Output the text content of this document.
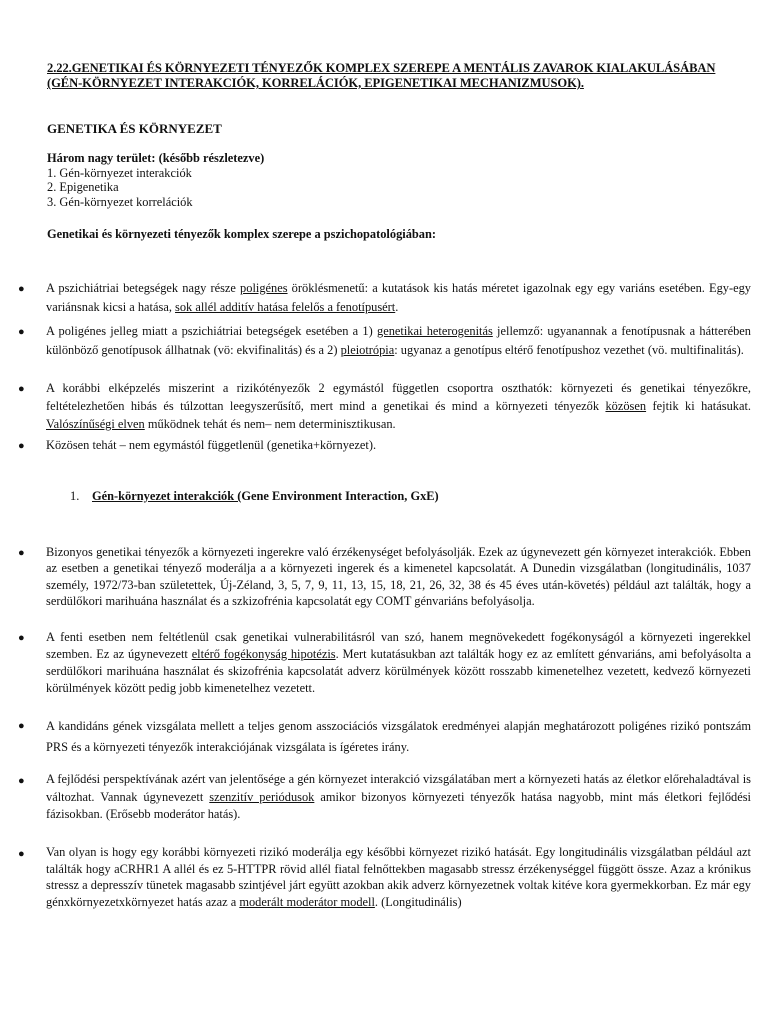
2.22.GENETIKAI ÉS KÖRNYEZETI TÉNYEZŐK KOMPLEX SZEREPE A MENTÁLIS ZAVAROK KIALAKULÁSÁBAN
(GÉN-KÖRNYEZET INTERAKCIÓK, KORRELÁCIÓK, EPIGENETIKAI MECHANIZMUSOK).
GENETIKA ÉS KÖRNYEZET
Három nagy terület: (később részletezve)
1. Gén-környezet interakciók
2. Epigenetika
3. Gén-környezet korrelációk
Genetikai és környezeti tényezők komplex szerepe a pszichopatológiában:
● A pszichiátriai betegségek nagy része poligénes öröklésmenetű: a kutatások kis hatás méretet igazolnak egy egy variáns esetében. Egy-egy variánsnak kicsi a hatása, sok allél additív hatása felelős a fenotípusért.
● A poligénes jelleg miatt a pszichiátriai betegségek esetében a 1) genetikai heterogenitás jellemző: ugyanannak a fenotípusnak a hátterében különböző genotípusok állhatnak (vö: ekvifinalitás) és a 2) pleiotrópia: ugyanaz a genotípus eltérő fenotípushoz vezethet (vö. multifinalitás).
● A korábbi elképzelés miszerint a rizikótényezők 2 egymástól független csoportra oszthatók: környezeti és genetikai tényezőkre, feltételezhetően hibás és túlzottan leegyszerűsítő, mert mind a genetikai és mind a környezeti tényezők közösen fejtik ki hatásukat. Valószínűségi elven működnek tehát és nem– nem determinisztikusan.
● Közösen tehát – nem egymástól függetlenül (genetika+környezet).
1. Gén-környezet interakciók (Gene Environment Interaction, GxE)
● Bizonyos genetikai tényezők a környezeti ingerekre való érzékenységet befolyásolják. Ezek az úgynevezett gén környezet interakciók. Ebben az esetben a genetikai tényező moderálja a a környezeti ingerek és a kimenetel kapcsolatát. A Dunedin vizsgálatban (longitudinális, 1037 személy, 1972/73-ban születettek, Új-Zéland, 3, 5, 7, 9, 11, 13, 15, 18, 21, 26, 32, 38 és 45 éves után-követés) például azt találták, hogy a serdülőkori marihuána használat és a szkizofrénia kapcsolatát egy COMT génvariáns befolyásolja.
● A fenti esetben nem feltétlenül csak genetikai vulnerabilitásról van szó, hanem megnövekedett fogékonyságól a környezeti ingerekkel szemben. Ez az úgynevezett eltérő fogékonyság hipotézis. Mert kutatásukban azt találták hogy ez az említett génvariáns, ami befolyásolta a serdülőkori marihuána használat és skizofrénia kapcsolatát adverz körülmények között rosszabb kimenetelhez vezetett, kedvező környezeti körülmények között pedig jobb kimenetelhez vezetett.
● A kandidáns gének vizsgálata mellett a teljes genom asszociációs vizsgálatok eredményei alapján meghatározott poligénes rizikó pontszám PRS és a környezeti tényezők interakciójának vizsgálata is ígéretes irány.
● A fejlődési perspektívának azért van jelentősége a gén környezet interakció vizsgálatában mert a környezeti hatás az életkor előrehaladtával is változhat. Vannak úgynevezett szenzitív periódusok amikor bizonyos környezeti tényezők hatása nagyobb, mint más életkori fejlődési fázisokban. (Erősebb moderátor hatás).
● Van olyan is hogy egy korábbi környezeti rizikó moderálja egy későbbi környezet rizikó hatását. Egy longitudinális vizsgálatban például azt találták hogy aCRHR1 A allél és ez 5-HTTPR rövid allél fiatal felnőttekben magasabb stressz érzékenységgel függött össze. Azaz a krónikus stressz a depresszív tünetek magasabb szintjével járt együtt azokban akik adverz környezetnek voltak kitéve kora gyermekkorban. Ez már egy génxkörnyezetxkörnyezet hatás azaz a moderált moderátor modell. (Longitudinális)
